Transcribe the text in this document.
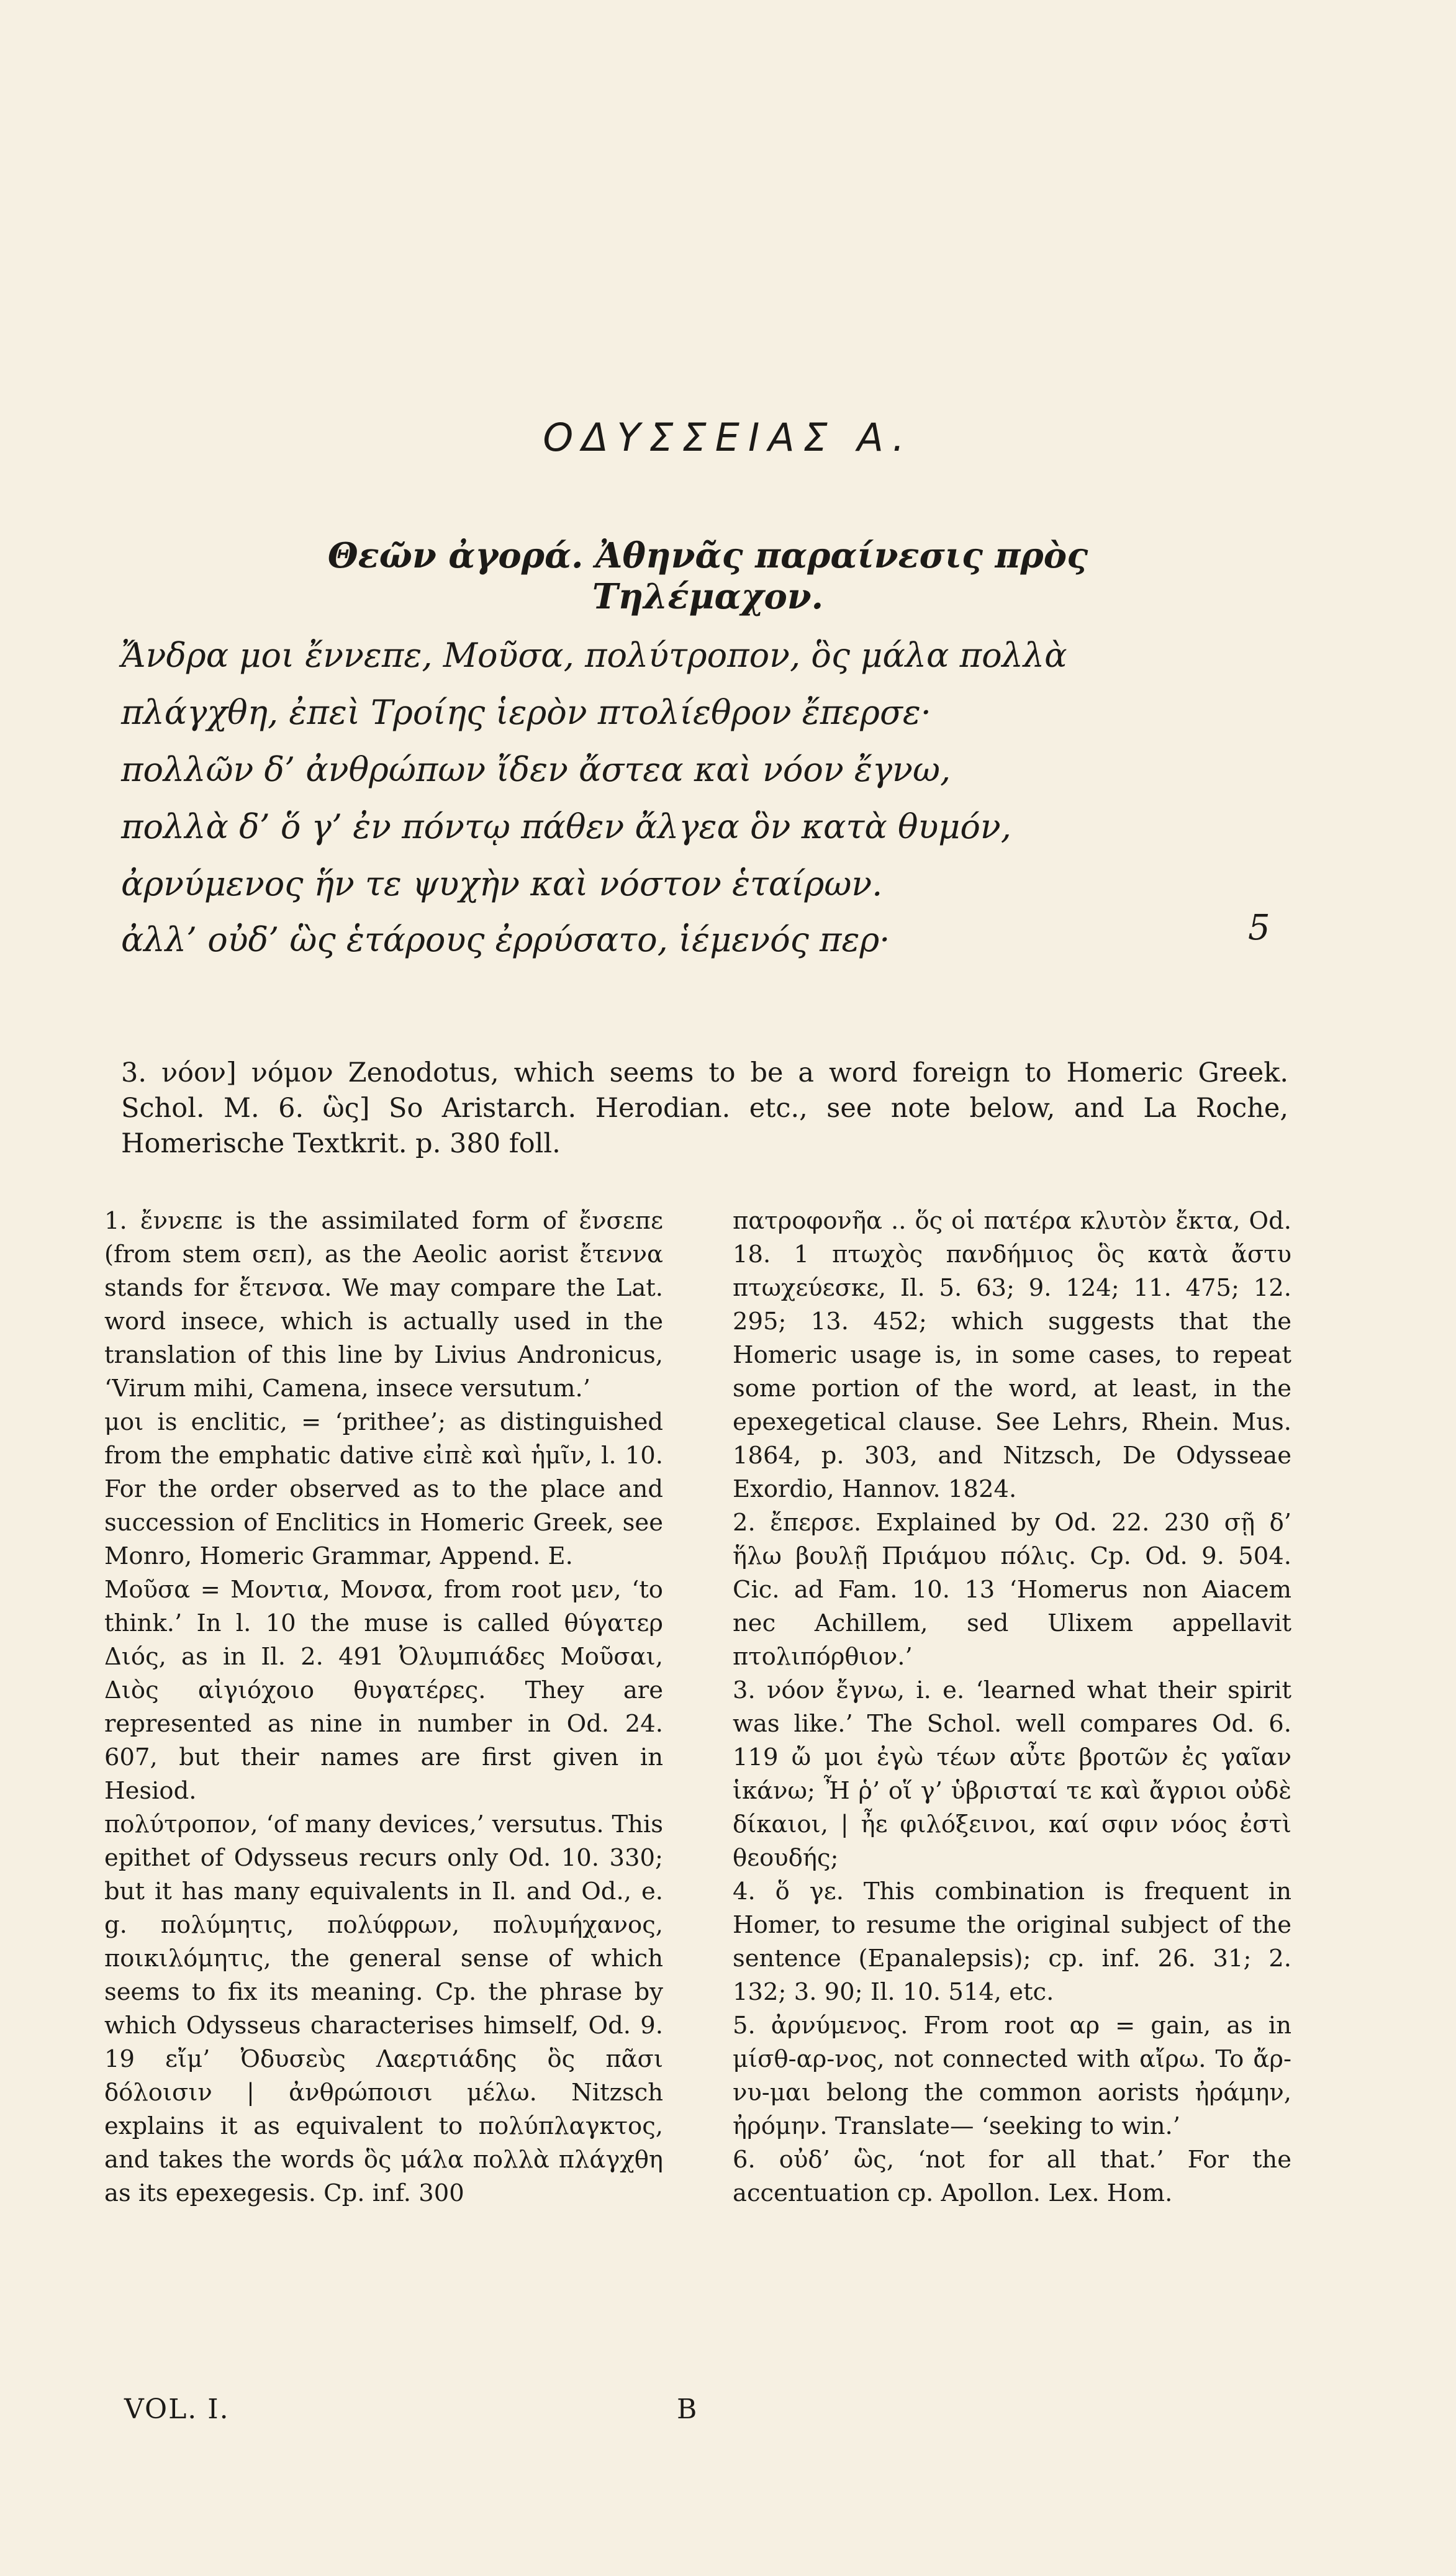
ΟΔΥΣΣΕΙΑΣ Α.
Θεῶν ἀγορά. Ἀθηνᾶς παραίνεσις πρὸς Τηλέμαχον.
Ἄνδρα μοι ἔννεπε, Μοῦσα, πολύτροπον, ὃς μάλα πολλὰ
πλάγχθη, ἐπεὶ Τροίης ἱερὸν πτολίεθρον ἔπερσε·
πολλῶν δ’ ἀνθρώπων ἴδεν ἄστεα καὶ νόον ἔγνω,
πολλὰ δ’ ὅ γ’ ἐν πόντῳ πάθεν ἄλγεα ὃν κατὰ θυμόν,
ἀρνύμενος ἥν τε ψυχὴν καὶ νόστον ἑταίρων.
ἀλλ’ οὐδ’ ὣς ἑτάρους ἐρρύσατο, ἱέμενός περ·	5

3. νόον] νόμον Zenodotus, which seems to be a word foreign to Homeric Greek. Schol. M. 6. ὣς] So Aristarch. Herodian. etc., see note below, and La Roche, Homerische Textkrit. p. 380 foll.

1. ἔννεπε is the assimilated form of ἔνσεπε (from stem σεπ), as the Aeolic aorist ἔτεννα stands for ἔτενσα. We may compare the Lat. word insece, which is actually used in the translation of this line by Livius Andronicus, ‘Virum mihi, Camena, insece versutum.’

μοι is enclitic, = ‘prithee’; as distinguished from the emphatic dative εἰπὲ καὶ ἡμῖν, l. 10. For the order observed as to the place and succession of Enclitics in Homeric Greek, see Monro, Homeric Grammar, Append. E.

Μοῦσα = Μοντια, Μονσα, from root μεν, ‘to think.’ In l. 10 the muse is called θύγατερ Διός, as in Il. 2. 491 Ὀλυμπιάδες Μοῦσαι, Διὸς αἰγιόχοιο θυγατέρες. They are represented as nine in number in Od. 24. 607, but their names are first given in Hesiod.

πολύτροπον, ‘of many devices,’ versutus. This epithet of Odysseus recurs only Od. 10. 330; but it has many equivalents in Il. and Od., e. g. πολύμητις, πολύφρων, πολυμήχανος, ποικιλόμητις, the general sense of which seems to fix its meaning. Cp. the phrase by which Odysseus characterises himself, Od. 9. 19 εἴμ’ Ὀδυσεὺς Λαερτιάδης ὃς πᾶσι δόλοισιν | ἀνθρώποισι μέλω. Nitzsch explains it as equivalent to πολύπλαγκτος, and takes the words ὃς μάλα πολλὰ πλάγχθη as its epexegesis. Cp. inf. 300

πατροφονῆα .. ὅς οἱ πατέρα κλυτὸν ἔκτα, Od. 18. 1 πτωχὸς πανδήμιος ὃς κατὰ ἄστυ πτωχεύεσκε, Il. 5. 63; 9. 124; 11. 475; 12. 295; 13. 452; which suggests that the Homeric usage is, in some cases, to repeat some portion of the word, at least, in the epexegetical clause. See Lehrs, Rhein. Mus. 1864, p. 303, and Nitzsch, De Odysseae Exordio, Hannov. 1824.

2. ἔπερσε. Explained by Od. 22. 230 σῇ δ’ ἥλω βουλῇ Πριάμου πόλις. Cp. Od. 9. 504. Cic. ad Fam. 10. 13 ‘Homerus non Aiacem nec Achillem, sed Ulixem appellavit πτολιπόρθιον.’

3. νόον ἔγνω, i. e. ‘learned what their spirit was like.’ The Schol. well compares Od. 6. 119 ὤ μοι ἐγὼ τέων αὖτε βροτῶν ἐς γαῖαν ἱκάνω; Ἦ ῥ’ οἵ γ’ ὑβρισταί τε καὶ ἄγριοι οὐδὲ δίκαιοι, | ἦε φιλόξεινοι, καί σφιν νόος ἐστὶ θεουδής;

4. ὅ γε. This combination is frequent in Homer, to resume the original subject of the sentence (Epanalepsis); cp. inf. 26. 31; 2. 132; 3. 90; Il. 10. 514, etc.

5. ἀρνύμενος. From root αρ = gain, as in μίσθ-αρ-νος, not connected with αἴρω. To ἄρ-νυ-μαι belong the common aorists ἠράμην, ἠρόμην. Translate— ‘seeking to win.’

6. οὐδ’ ὣς, ‘not for all that.’ For the accentuation cp. Apollon. Lex. Hom.

VOL. I.	B
